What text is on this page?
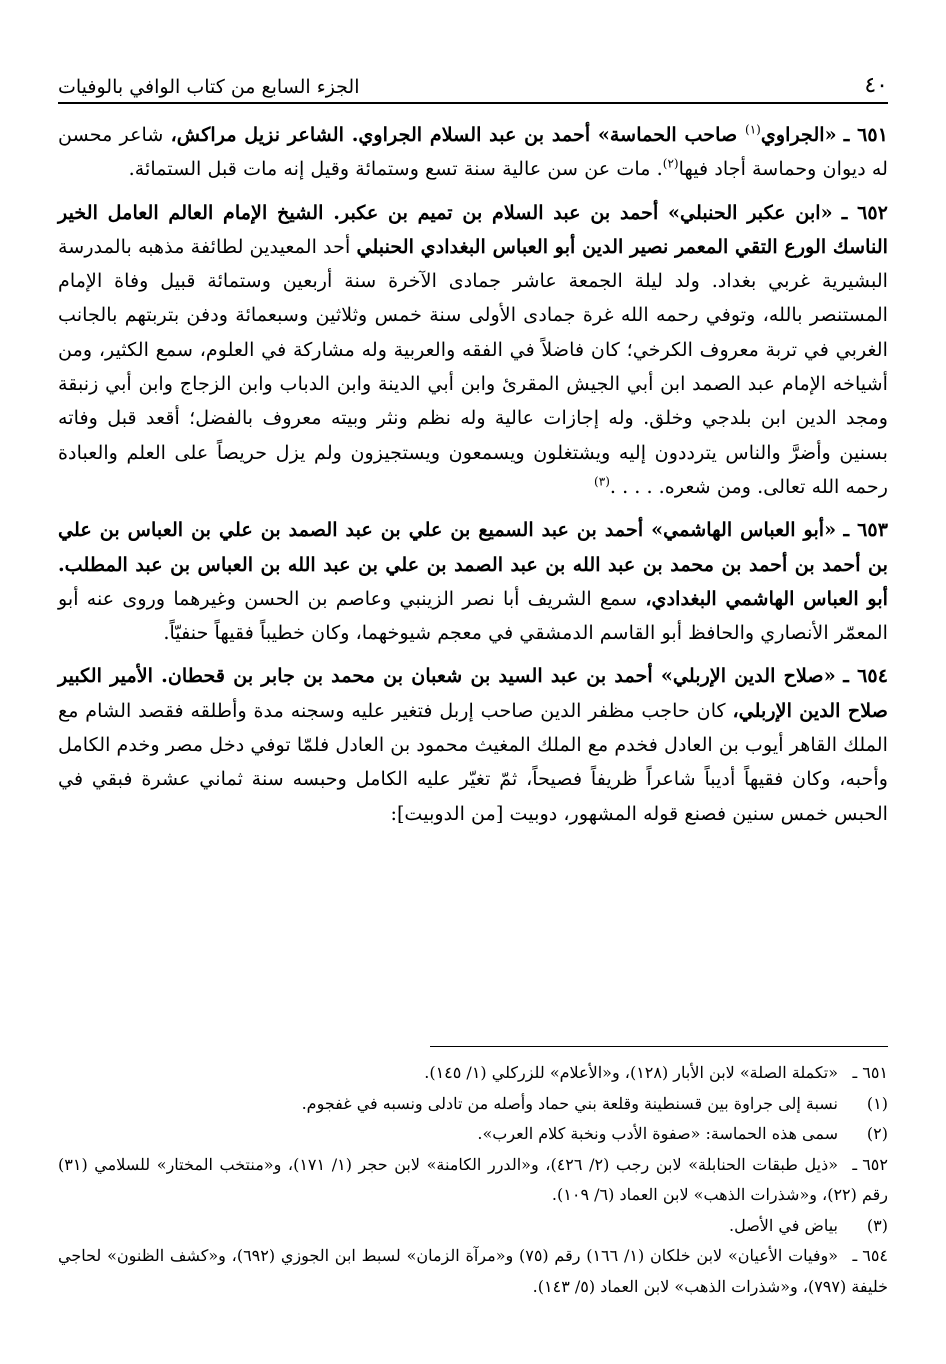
٤٠
الجزء السابع من كتاب الوافي بالوفيات

٦٥١ ـ «الجراوي$^{(١)}$ صاحب الحماسة» أحمد بن عبد السلام الجراوي. الشاعر نزيل مراكش، شاعر محسن له ديوان وحماسة أجاد فيها$^{(٢)}$. مات عن سن عالية سنة تسع وستمائة وقيل إنه مات قبل الستمائة.

٦٥٢ ـ «ابن عكبر الحنبلي» أحمد بن عبد السلام بن تميم بن عكبر. الشيخ الإمام العالم العامل الخير الناسك الورع التقي المعمر نصير الدين أبو العباس البغدادي الحنبلي أحد المعيدين لطائفة مذهبه بالمدرسة البشيرية غربي بغداد. ولد ليلة الجمعة عاشر جمادى الآخرة سنة أربعين وستمائة قبيل وفاة الإمام المستنصر بالله، وتوفي رحمه الله غرة جمادى الأولى سنة خمس وثلاثين وسبعمائة ودفن بتربتهم بالجانب الغربي في تربة معروف الكرخي؛ كان فاضلاً في الفقه والعربية وله مشاركة في العلوم، سمع الكثير، ومن أشياخه الإمام عبد الصمد ابن أبي الجيش المقرئ وابن أبي الدينة وابن الدباب وابن الزجاج وابن أبي زنبقة ومجد الدين ابن بلدجي وخلق. وله إجازات عالية وله نظم ونثر وبيته معروف بالفضل؛ أقعد قبل وفاته بسنين وأضرَّ والناس يترددون إليه ويشتغلون ويسمعون ويستجيزون ولم يزل حريصاً على العلم والعبادة رحمه الله تعالى. ومن شعره. . . . .$^{(٣)}$

٦٥٣ ـ «أبو العباس الهاشمي» أحمد بن عبد السميع بن علي بن عبد الصمد بن علي بن العباس بن علي بن أحمد بن أحمد بن محمد بن عبد الله بن عبد الصمد بن علي بن عبد الله بن العباس بن عبد المطلب. أبو العباس الهاشمي البغدادي، سمع الشريف أبا نصر الزينبي وعاصم بن الحسن وغيرهما وروى عنه أبو المعمّر الأنصاري والحافظ أبو القاسم الدمشقي في معجم شيوخهما، وكان خطيباً فقيهاً حنفيّاً.

٦٥٤ ـ «صلاح الدين الإربلي» أحمد بن عبد السيد بن شعبان بن محمد بن جابر بن قحطان. الأمير الكبير صلاح الدين الإربلي، كان حاجب مظفر الدين صاحب إربل فتغير عليه وسجنه مدة وأطلقه فقصد الشام مع الملك القاهر أيوب بن العادل فخدم مع الملك المغيث محمود بن العادل فلمّا توفي دخل مصر وخدم الكامل وأحبه، وكان فقيهاً أديباً شاعراً ظريفاً فصيحاً، ثمّ تغيّر عليه الكامل وحبسه سنة ثماني عشرة فبقي في الحبس خمس سنين فصنع قوله المشهور، دوبيت [من الدوبيت]:

٦٥١ ـ«تكملة الصلة» لابن الأبار (١٢٨)، و«الأعلام» للزركلي (١/ ١٤٥).

(١)نسبة إلى جراوة بين قسنطينة وقلعة بني حماد وأصله من تادلى ونسبه في غفجوم.

(٢)سمى هذه الحماسة: «صفوة الأدب ونخبة كلام العرب».

٦٥٢ ـ«ذيل طبقات الحنابلة» لابن رجب (٢/ ٤٢٦)، و«الدرر الكامنة» لابن حجر (١/ ١٧١)، و«منتخب المختار» للسلامي (٣١) رقم (٢٢)، و«شذرات الذهب» لابن العماد (٦/ ١٠٩).

(٣)بياض في الأصل.

٦٥٤ ـ«وفيات الأعيان» لابن خلكان (١/ ١٦٦) رقم (٧٥) و«مرآة الزمان» لسبط ابن الجوزي (٦٩٢)، و«كشف الظنون» لحاجي خليفة (٧٩٧)، و«شذرات الذهب» لابن العماد (٥/ ١٤٣).
